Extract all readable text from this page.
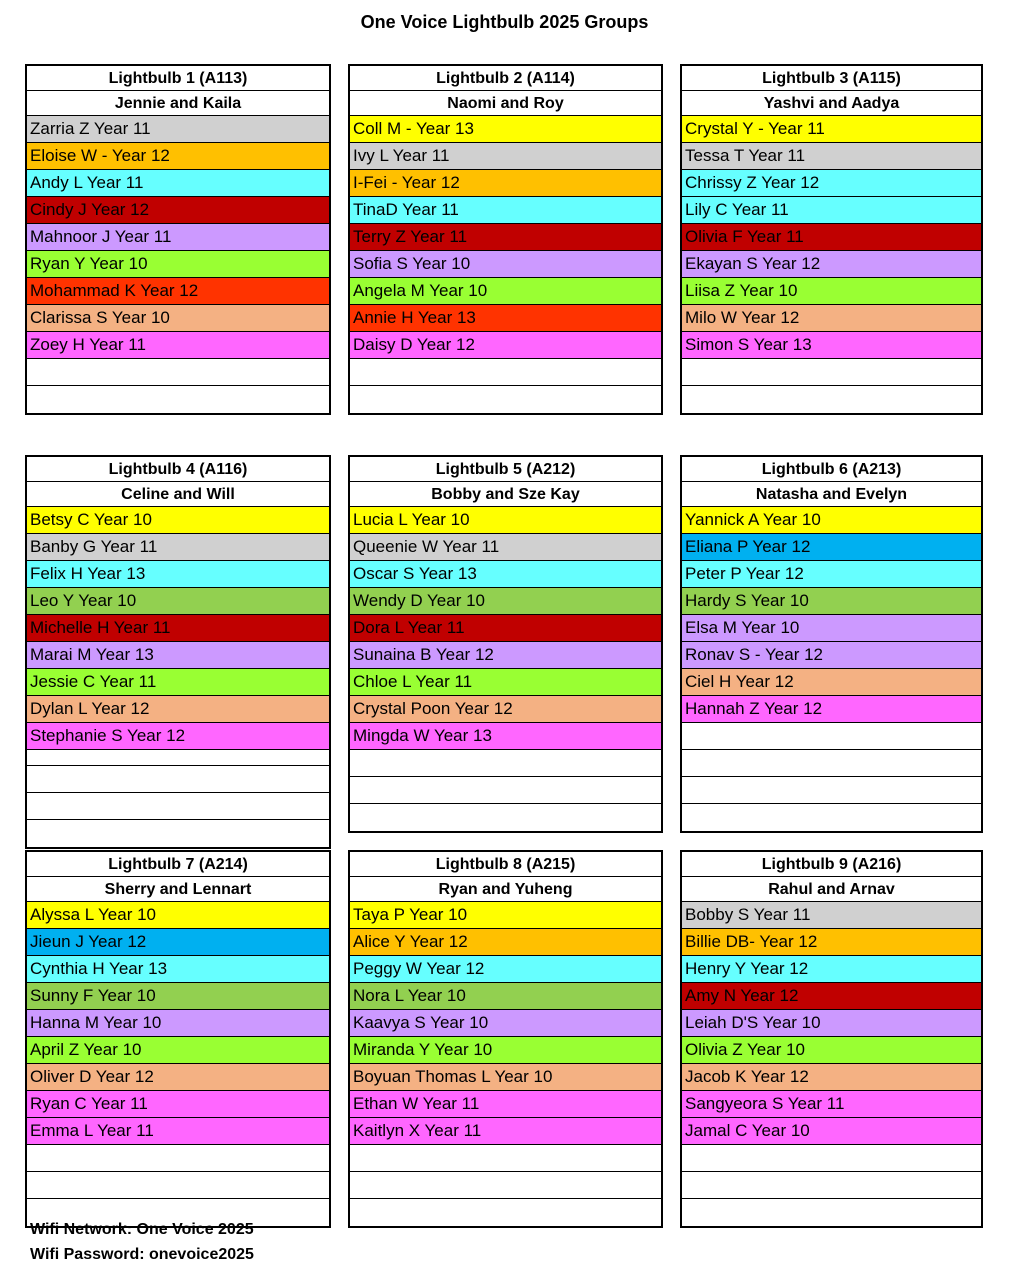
One Voice Lightbulb 2025 Groups
Lightbulb 1 (A113)
Jennie and Kaila
Zarria Z Year 11
Eloise W - Year 12
Andy L Year 11
Cindy J Year 12
Mahnoor J Year 11
Ryan Y Year 10
Mohammad K Year 12
Clarissa S Year 10
Zoey H Year 11
Lightbulb 2 (A114)
Naomi and Roy
Coll M - Year 13
Ivy L Year 11
I-Fei - Year 12
TinaD Year 11
Terry Z Year 11
Sofia S Year 10
Angela M Year 10
Annie H Year 13
Daisy D Year 12
Lightbulb 3 (A115)
Yashvi and Aadya
Crystal Y - Year 11
Tessa T Year 11
Chrissy Z Year 12
Lily C Year 11
Olivia F Year 11
Ekayan S Year 12
Liisa Z Year 10
Milo W Year 12
Simon S Year 13
Lightbulb 4 (A116)
Celine and Will
Betsy C Year 10
Banby G Year 11
Felix H Year 13
Leo Y Year 10
Michelle H Year 11
Marai M Year 13
Jessie C Year 11
Dylan L Year 12
Stephanie S Year 12
Lightbulb 5 (A212)
Bobby and Sze Kay
Lucia L Year 10
Queenie W Year 11
Oscar S Year 13
Wendy D Year 10
Dora L Year 11
Sunaina B Year 12
Chloe L Year 11
Crystal Poon Year 12
Mingda W Year 13
Lightbulb 6 (A213)
Natasha and Evelyn
Yannick A Year 10
Eliana P Year 12
Peter P Year 12
Hardy S Year 10
Elsa M Year 10
Ronav S - Year 12
Ciel H Year 12
Hannah Z Year 12
Lightbulb 7 (A214)
Sherry and Lennart
Alyssa L Year 10
Jieun J Year 12
Cynthia H Year 13
Sunny F Year 10
Hanna M Year 10
April Z Year 10
Oliver D Year 12
Ryan C Year 11
Emma L Year 11
Lightbulb 8 (A215)
Ryan and Yuheng
Taya P Year 10
Alice Y Year 12
Peggy W Year 12
Nora L Year 10
Kaavya S Year 10
Miranda Y Year 10
Boyuan Thomas L Year 10
Ethan W Year 11
Kaitlyn X Year 11
Lightbulb 9 (A216)
Rahul and Arnav
Bobby S Year 11
Billie DB- Year 12
Henry Y Year 12
Amy N Year 12
Leiah D'S Year 10
Olivia Z Year 10
Jacob K Year 12
Sangyeora S Year 11
Jamal C Year 10
Wifi Network: One Voice 2025
Wifi Password: onevoice2025
